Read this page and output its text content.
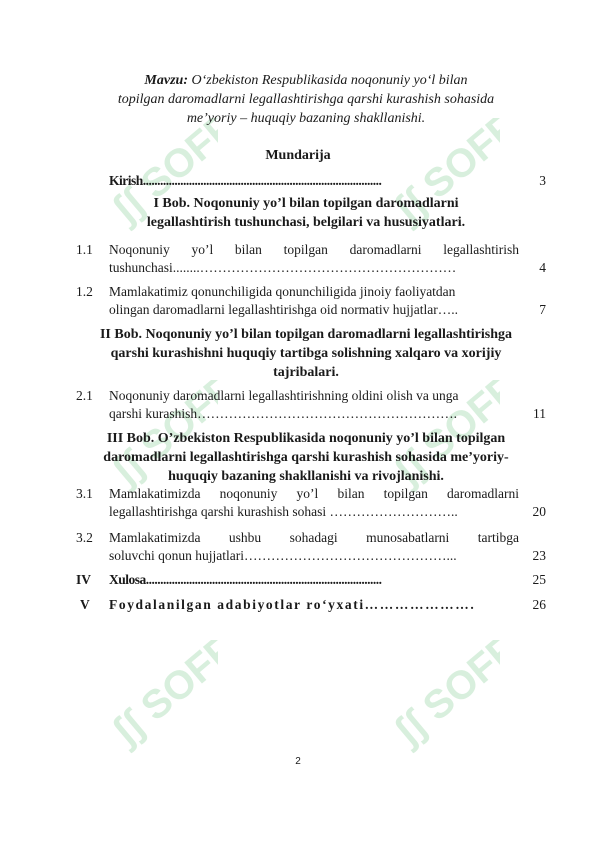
ʃʃ SOFF	ʃʃ SOFF
ʃʃ SOFF	ʃʃ SOFF
ʃʃ SOFF	ʃʃ SOFF
Mavzu: O‘zbekiston Respublikasida noqonuniy yo‘l bilan
topilgan daromadlarni legallashtirishga qarshi kurashish sohasida
me’yoriy – huquqiy bazaning shakllanishi.
Mundarija
Kirish...................................................................................	3
I Bob. Noqonuniy yo’l bilan topilgan daromadlarni
legallashtirish tushunchasi, belgilari va hususiyatlari.
1.1	Noqonuniy yo’l bilan topilgan daromadlarni legallashtirish
tushunchasi........…………………………………………………	4
1.2	Mamlakatimiz qonunchiligida qonunchiligida jinoiy faoliyatdan
olingan daromadlarni legallashtirishga oid normativ hujjatlar…..	7
II Bob. Noqonuniy yo’l bilan topilgan daromadlarni legallashtirishga
qarshi kurashishni huquqiy tartibga solishning xalqaro va xorijiy
tajribalari.
2.1	Noqonuniy daromadlarni legallashtirishning oldini olish va unga
qarshi kurashish………………………………………………….	11
III Bob. O’zbekiston Respublikasida noqonuniy yo’l bilan topilgan
daromadlarni legallashtirishga qarshi kurashish sohasida me’yoriy-
huquqiy bazaning shakllanishi va rivojlanishi.
3.1	Mamlakatimizda noqonuniy yo’l bilan topilgan daromadlarni
legallashtirishga qarshi kurashish sohasi ………………………..	20
3.2	Mamlakatimizda ushbu sohadagi munosabatlarni tartibga
soluvchi qonun hujjatlari………………………………………...	23
IV	Xulosa..................................................................................	25
V	Foydalanilgan adabiyotlar ro‘yxati………………….	26
2
